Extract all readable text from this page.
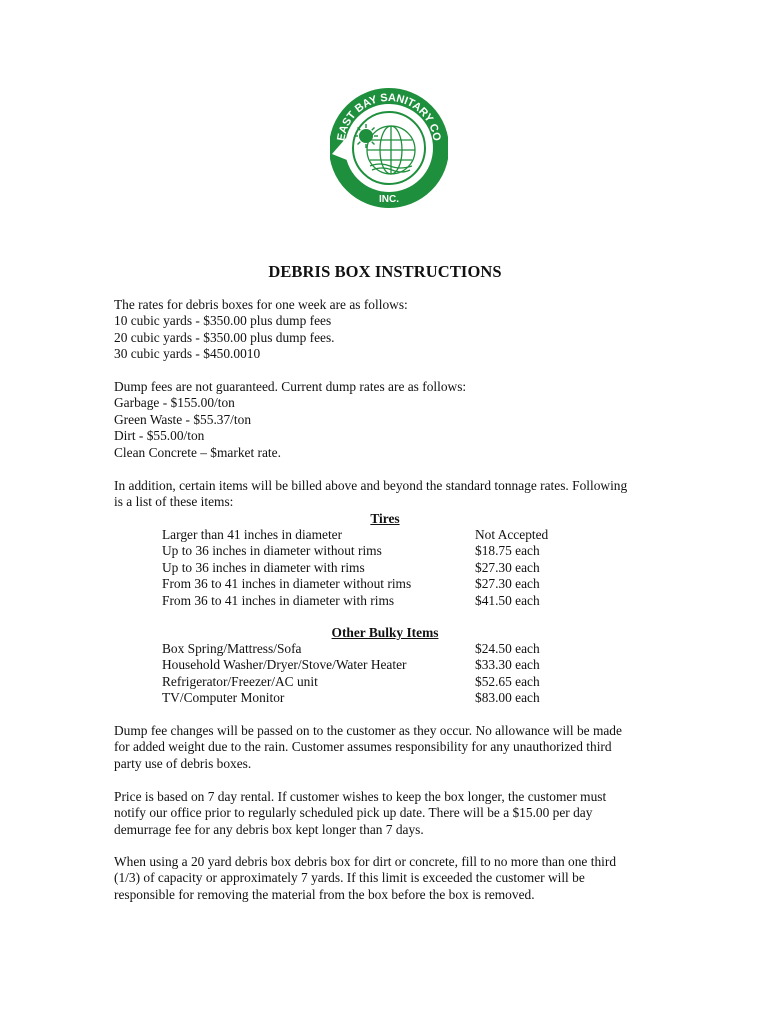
EAST BAY SANITARY CO
INC.
DEBRIS BOX INSTRUCTIONS
The rates for debris boxes for one week are as follows:
10 cubic yards - $350.00 plus dump fees
20 cubic yards - $350.00 plus dump fees.
30 cubic yards - $450.0010
Dump fees are not guaranteed. Current dump rates are as follows:
Garbage - $155.00/ton
Green Waste - $55.37/ton
Dirt - $55.00/ton
Clean Concrete – $market rate.
In addition, certain items will be billed above and beyond the standard tonnage rates. Following
is a list of these items:
Tires
Larger than 41 inches in diameter	Not Accepted
Up to 36 inches in diameter without rims	$18.75 each
Up to 36 inches in diameter with rims	$27.30 each
From 36 to 41 inches in diameter without rims	$27.30 each
From 36 to 41 inches in diameter with rims	$41.50 each
Other Bulky Items
Box Spring/Mattress/Sofa	$24.50 each
Household Washer/Dryer/Stove/Water Heater	$33.30 each
Refrigerator/Freezer/AC unit	$52.65 each
TV/Computer Monitor	$83.00 each
Dump fee changes will be passed on to the customer as they occur. No allowance will be made
for added weight due to the rain. Customer assumes responsibility for any unauthorized third
party use of debris boxes.
Price is based on 7 day rental. If customer wishes to keep the box longer, the customer must
notify our office prior to regularly scheduled pick up date. There will be a $15.00 per day
demurrage fee for any debris box kept longer than 7 days.
When using a 20 yard debris box debris box for dirt or concrete, fill to no more than one third
(1/3) of capacity or approximately 7 yards. If this limit is exceeded the customer will be
responsible for removing the material from the box before the box is removed.
